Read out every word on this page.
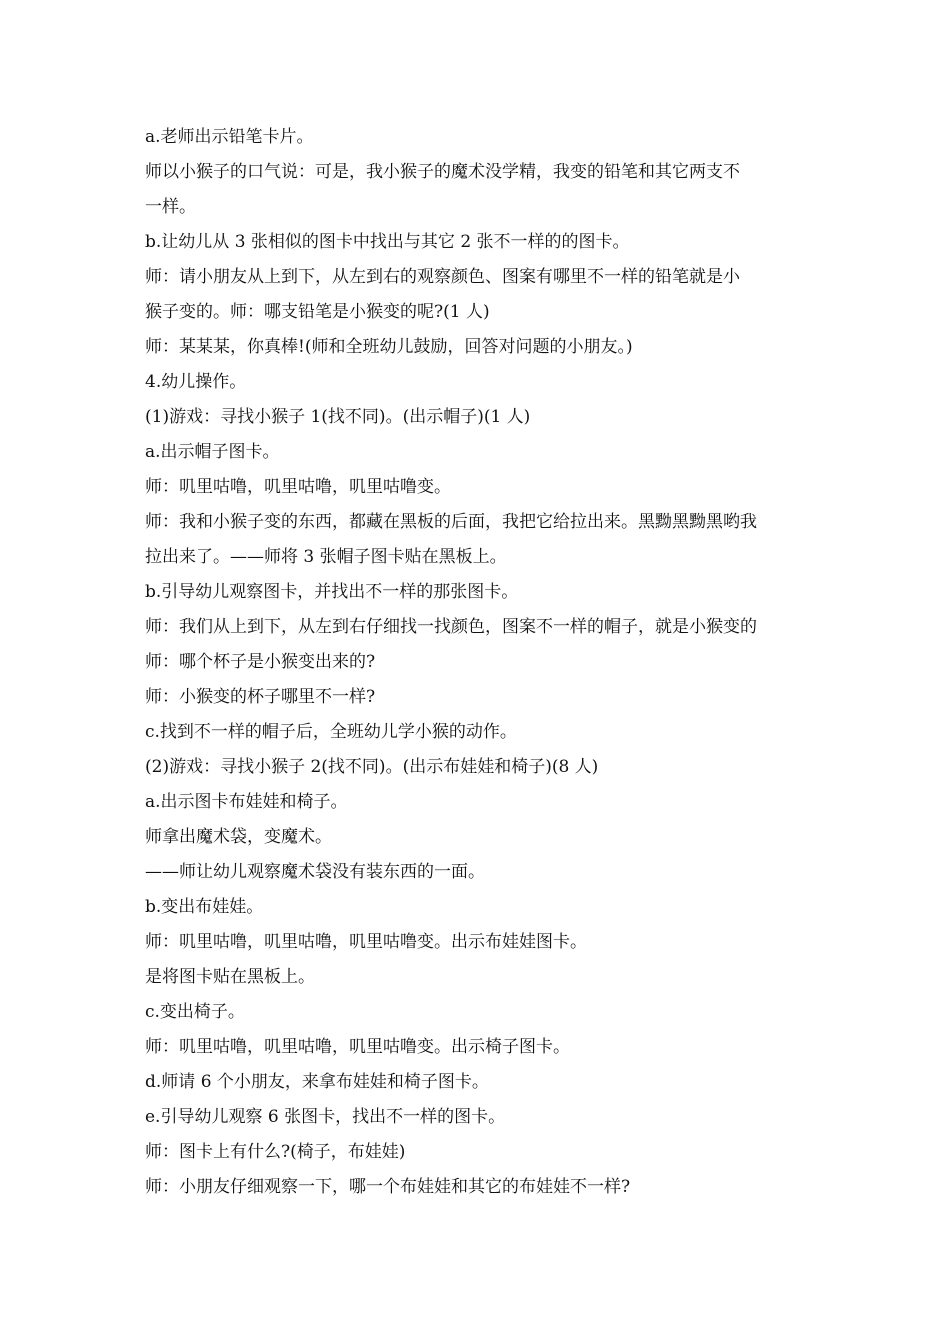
a.老师出示铅笔卡片。
师以小猴子的口气说：可是，我小猴子的魔术没学精，我变的铅笔和其它两支不
一样。
b.让幼儿从 3 张相似的图卡中找出与其它 2 张不一样的的图卡。
师：请小朋友从上到下，从左到右的观察颜色、图案有哪里不一样的铅笔就是小
猴子变的。师：哪支铅笔是小猴变的呢?(1 人)
师：某某某，你真棒!(师和全班幼儿鼓励，回答对问题的小朋友。)
4.幼儿操作。
(1)游戏：寻找小猴子 1(找不同)。(出示帽子)(1 人)
a.出示帽子图卡。
师：叽里咕噜，叽里咕噜，叽里咕噜变。
师：我和小猴子变的东西，都藏在黑板的后面，我把它给拉出来。黑黝黑黝黑哟我
拉出来了。——师将 3 张帽子图卡贴在黑板上。
b.引导幼儿观察图卡，并找出不一样的那张图卡。
师：我们从上到下，从左到右仔细找一找颜色，图案不一样的帽子，就是小猴变的
师：哪个杯子是小猴变出来的?
师：小猴变的杯子哪里不一样?
c.找到不一样的帽子后，全班幼儿学小猴的动作。
(2)游戏：寻找小猴子 2(找不同)。(出示布娃娃和椅子)(8 人)
a.出示图卡布娃娃和椅子。
师拿出魔术袋，变魔术。
——师让幼儿观察魔术袋没有装东西的一面。
b.变出布娃娃。
师：叽里咕噜，叽里咕噜，叽里咕噜变。出示布娃娃图卡。
是将图卡贴在黑板上。
c.变出椅子。
师：叽里咕噜，叽里咕噜，叽里咕噜变。出示椅子图卡。
d.师请 6 个小朋友，来拿布娃娃和椅子图卡。
e.引导幼儿观察 6 张图卡，找出不一样的图卡。
师：图卡上有什么?(椅子，布娃娃)
师：小朋友仔细观察一下，哪一个布娃娃和其它的布娃娃不一样?
